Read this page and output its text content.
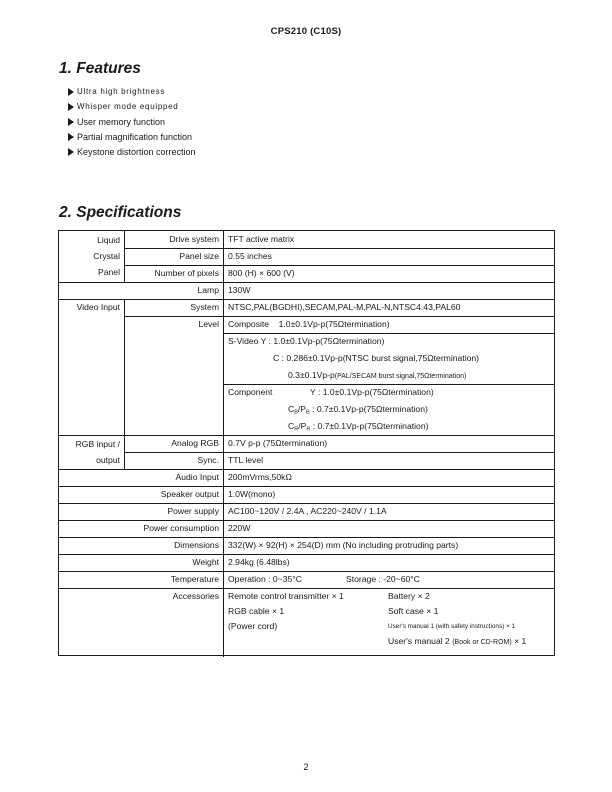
CPS210 (C10S)
1. Features
Ultra high brightness
Whisper mode equipped
User memory function
Partial magnification function
Keystone distortion correction
2. Specifications
Liquid
Crystal
Panel
Video Input
RGB input /
output
Drive system
Panel size
Number of pixels
Lamp
System
Level
Analog RGB
Sync.
Audio Input
Speaker output
Power supply
Power consumption
Dimensions
Weight
Temperature
Accessories
TFT active matrix
0.55 inches
800 (H) × 600 (V)
130W
NTSC,PAL(BGDHI),SECAM,PAL-M,PAL-N,NTSC4.43,PAL60
Composite    1.0±0.1Vp-p(75Ωtermination)
S-Video Y : 1.0±0.1Vp-p(75Ωtermination)
C : 0.286±0.1Vp-p(NTSC burst signal,75Ωtermination)
0.3±0.1Vp-p(PAL/SECAM burst signal,75Ωtermination)
Component	Y : 1.0±0.1Vp-p(75Ωtermination)
$C_B/P_B$ : 0.7±0.1Vp-p(75Ωtermination)
$C_R/P_R$ : 0.7±0.1Vp-p(75Ωtermination)
0.7V p-p (75Ωtermination)
TTL level
200mVrms,50kΩ
1.0W(mono)
AC100~120V / 2.4A , AC220~240V / 1.1A
220W
332(W) × 92(H) × 254(D) mm (No including protruding parts)
2.94kg (6.48lbs)
Operation : 0~35°C	Storage : -20~60°C
Remote control transmitter × 1
RGB cable × 1
(Power cord)
Battery × 2
Soft case × 1
User's manual 1 (with safety instructions) × 1
User's manual 2 (Book or CD-ROM) × 1
2
